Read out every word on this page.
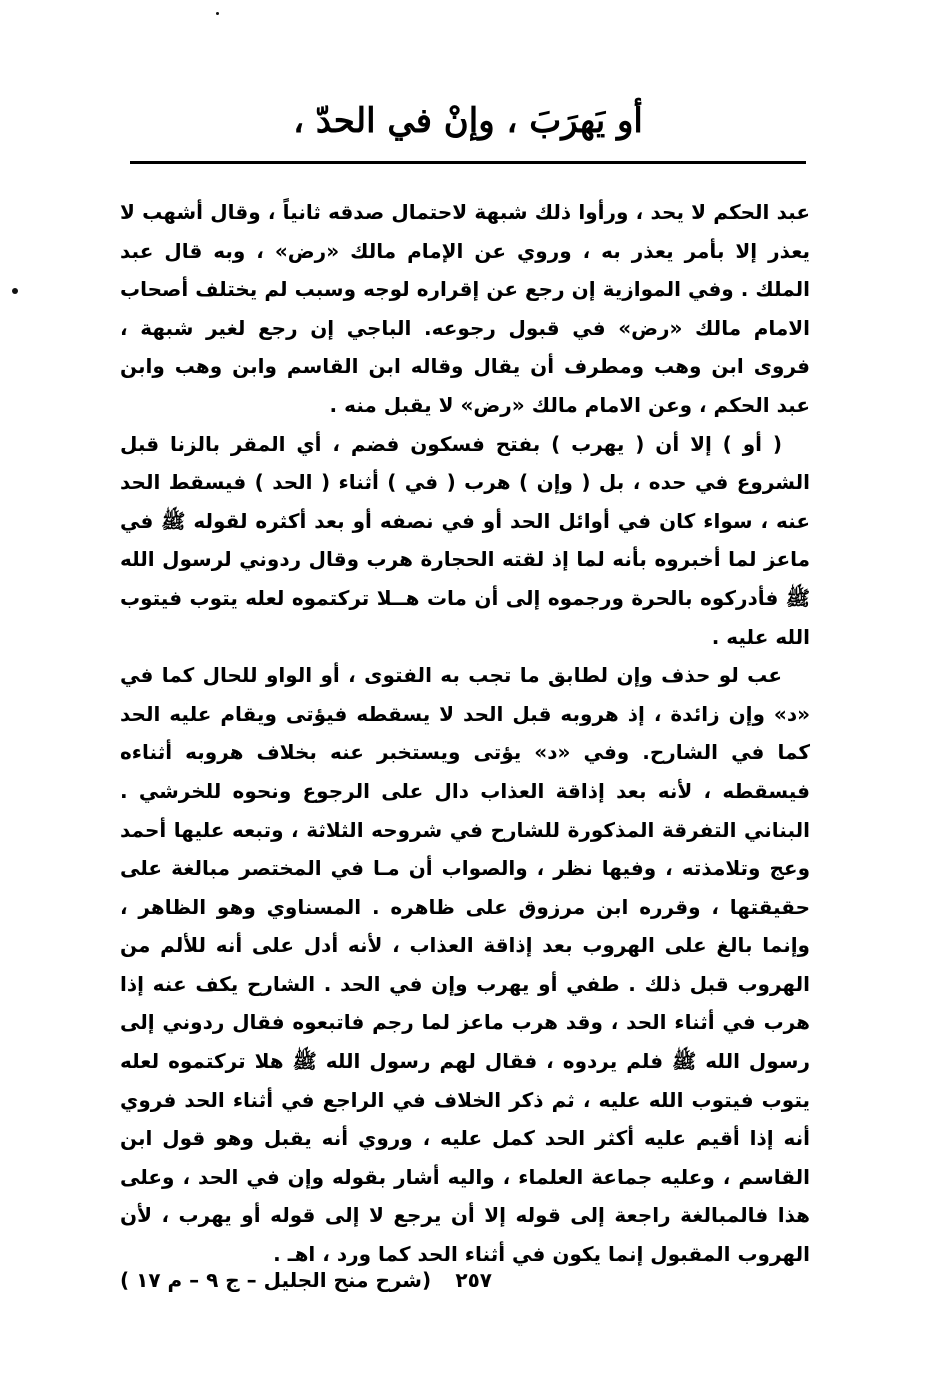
أو يَهرَبَ ، وإنْ في الحدّ ،

عبد الحكم لا يحد ، ورأوا ذلك شبهة لاحتمال صدقه ثانياً ، وقال أشهب لا يعذر إلا بأمر يعذر به ، وروي عن الإمام مالك «رض» ، وبه قال عبد الملك . وفي الموازية إن رجع عن إقراره لوجه وسبب لم يختلف أصحاب الامام مالك «رض» في قبول رجوعه. الباجي إن رجع لغير شبهة ، فروى ابن وهب ومطرف أن يقال وقاله ابن القاسم وابن وهب وابن عبد الحكم ، وعن الامام مالك «رض» لا يقبل منه .

( أو ) إلا أن ( يهرب ) بفتح فسكون فضم ، أي المقر بالزنا قبل الشروع في حده ، بل ( وإن ) هرب ( في ) أثناء ( الحد ) فيسقط الحد عنه ، سواء كان في أوائل الحد أو في نصفه أو بعد أكثره لقوله ﷺ في ماعز لما أخبروه بأنه لما إذ لقته الحجارة هرب وقال ردوني لرسول الله ﷺ فأدركوه بالحرة ورجموه إلى أن مات هــلا تركتموه لعله يتوب فيتوب الله عليه .

عب لو حذف وإن لطابق ما تجب به الفتوى ، أو الواو للحال كما في «د» وإن زائدة ، إذ هروبه قبل الحد لا يسقطه فيؤتى ويقام عليه الحد كما في الشارح. وفي «د» يؤتى ويستخبر عنه بخلاف هروبه أثناءه فيسقطه ، لأنه بعد إذاقة العذاب دال على الرجوع ونحوه للخرشي . البناني التفرقة المذكورة للشارح في شروحه الثلاثة ، وتبعه عليها أحمد وعج وتلامذته ، وفيها نظر ، والصواب أن مـا في المختصر مبالغة على حقيقتها ، وقرره ابن مرزوق على ظاهره . المسناوي وهو الظاهر ، وإنما بالغ على الهروب بعد إذاقة العذاب ، لأنه أدل على أنه للألم من الهروب قبل ذلك . طفي أو يهرب وإن في الحد . الشارح يكف عنه إذا هرب في أثناء الحد ، وقد هرب ماعز لما رجم فاتبعوه فقال ردوني إلى رسول الله ﷺ فلم يردوه ، فقال لهم رسول الله ﷺ هلا تركتموه لعله يتوب فيتوب الله عليه ، ثم ذكر الخلاف في الراجع في أثناء الحد فروي أنه إذا أقيم عليه أكثر الحد كمل عليه ، وروي أنه يقبل وهو قول ابن القاسم ، وعليه جماعة العلماء ، واليه أشار بقوله وإن في الحد ، وعلى هذا فالمبالغة راجعة إلى قوله إلا أن يرجع لا إلى قوله أو يهرب ، لأن الهروب المقبول إنما يكون في أثناء الحد كما ورد ، اهـ .

٢٥٧
(شرح منح الجليل – ج ٩ – م ١٧ )
